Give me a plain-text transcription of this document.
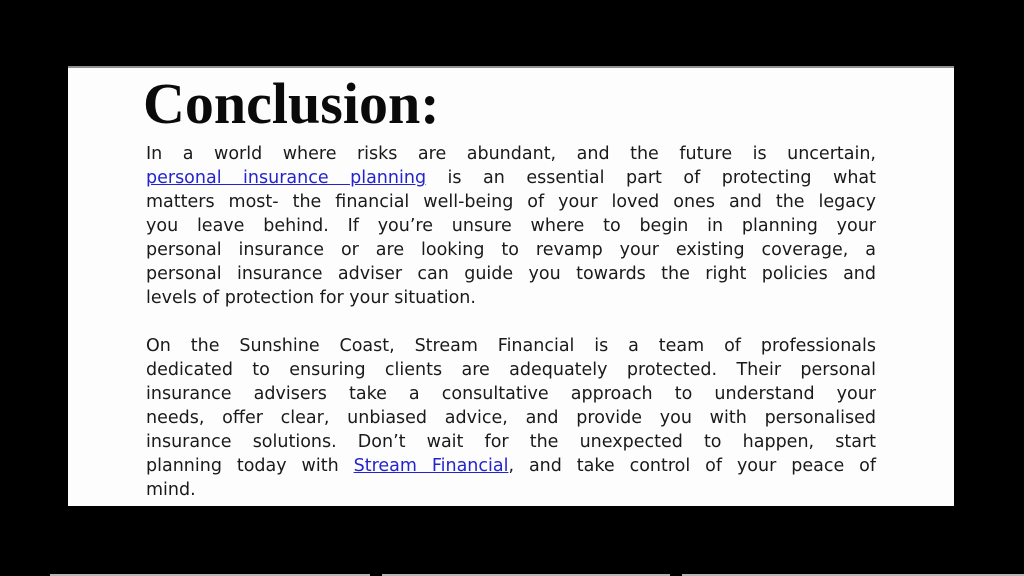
Conclusion:
In a world where risks are abundant, and the future is uncertain,
personal insurance planning is an essential part of protecting what
matters most- the financial well-being of your loved ones and the legacy
you leave behind. If you’re unsure where to begin in planning your
personal insurance or are looking to revamp your existing coverage, a
personal insurance adviser can guide you towards the right policies and
levels of protection for your situation.
On the Sunshine Coast, Stream Financial is a team of professionals
dedicated to ensuring clients are adequately protected. Their personal
insurance advisers take a consultative approach to understand your
needs, offer clear, unbiased advice, and provide you with personalised
insurance solutions. Don’t wait for the unexpected to happen, start
planning today with Stream Financial, and take control of your peace of
mind.
